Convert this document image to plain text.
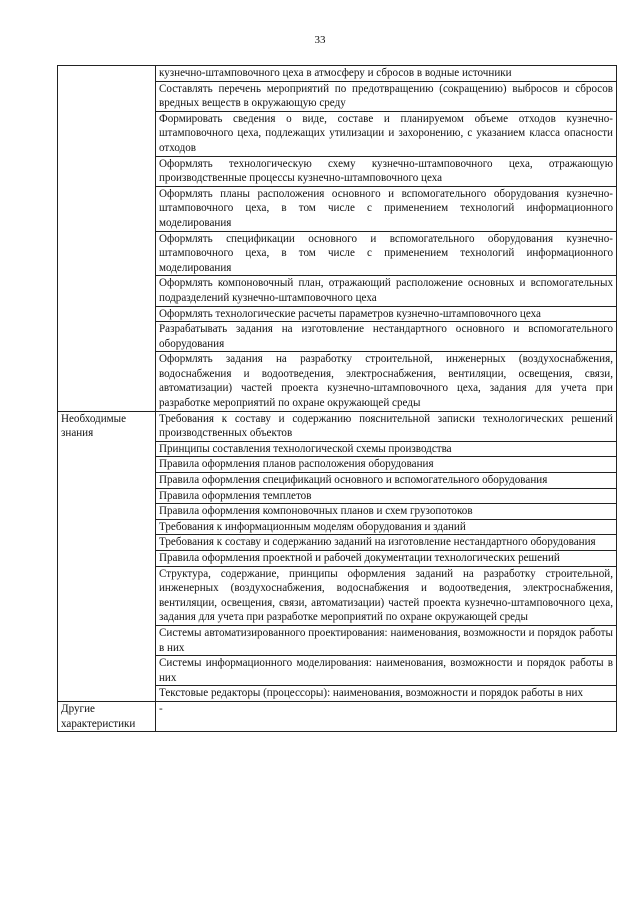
33
	кузнечно-штамповочного цеха в атмосферу и сбросов в водные источники
	Составлять перечень мероприятий по предотвращению (сокращению) выбросов и сбросов вредных веществ в окружающую среду
	Формировать сведения о виде, составе и планируемом объеме отходов кузнечно-штамповочного цеха, подлежащих утилизации и захоронению, с указанием класса опасности отходов
	Оформлять технологическую схему кузнечно-штамповочного цеха, отражающую производственные процессы кузнечно-штамповочного цеха
	Оформлять планы расположения основного и вспомогательного оборудования кузнечно-штамповочного цеха, в том числе с применением технологий информационного моделирования
	Оформлять спецификации основного и вспомогательного оборудования кузнечно-штамповочного цеха, в том числе с применением технологий информационного моделирования
	Оформлять компоновочный план, отражающий расположение основных и вспомогательных подразделений кузнечно-штамповочного цеха
	Оформлять технологические расчеты параметров кузнечно-штамповочного цеха
	Разрабатывать задания на изготовление нестандартного основного и вспомогательного оборудования
	Оформлять задания на разработку строительной, инженерных (воздухоснабжения, водоснабжения и водоотведения, электроснабжения, вентиляции, освещения, связи, автоматизации) частей проекта кузнечно-штамповочного цеха, задания для учета при разработке мероприятий по охране окружающей среды
Необходимые знания	Требования к составу и содержанию пояснительной записки технологических решений производственных объектов
	Принципы составления технологической схемы производства
	Правила оформления планов расположения оборудования
	Правила оформления спецификаций основного и вспомогательного оборудования
	Правила оформления темплетов
	Правила оформления компоновочных планов и схем грузопотоков
	Требования к информационным моделям оборудования и зданий
	Требования к составу и содержанию заданий на изготовление нестандартного оборудования
	Правила оформления проектной и рабочей документации технологических решений
	Структура, содержание, принципы оформления заданий на разработку строительной, инженерных (воздухоснабжения, водоснабжения и водоотведения, электроснабжения, вентиляции, освещения, связи, автоматизации) частей проекта кузнечно-штамповочного цеха, задания для учета при разработке мероприятий по охране окружающей среды
	Системы автоматизированного проектирования: наименования, возможности и порядок работы в них
	Системы информационного моделирования: наименования, возможности и порядок работы в них
	Текстовые редакторы (процессоры): наименования, возможности и порядок работы в них
Другие характеристики	-
